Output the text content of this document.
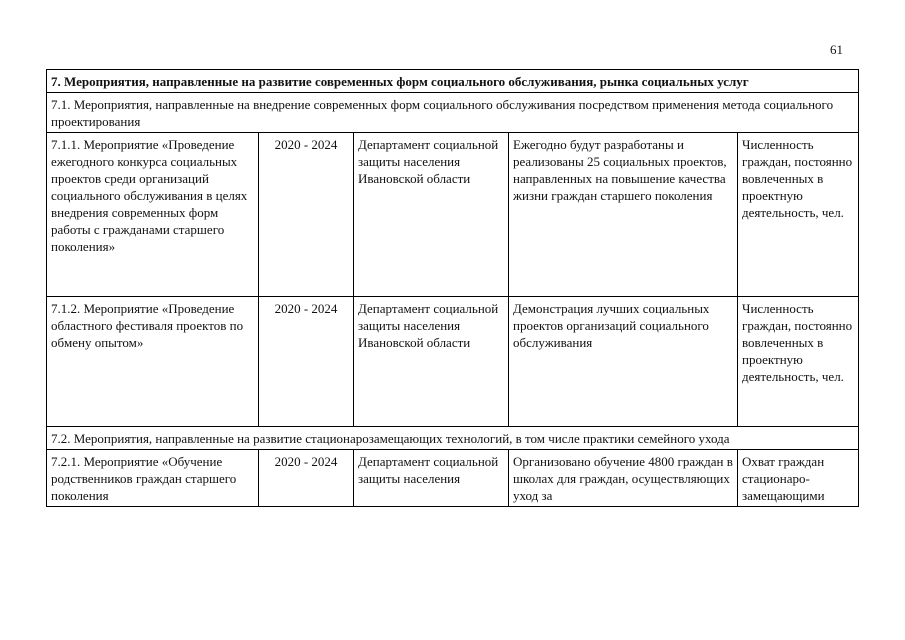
61
7. Мероприятия, направленные на развитие современных форм социального обслуживания, рынка социальных услуг				
7.1. Мероприятия, направленные на внедрение современных форм социального обслуживания посредством применения метода социального проектирования				
7.1.1. Мероприятие «Проведение ежегодного конкурса социальных проектов среди организаций социального обслуживания в целях внедрения современных форм работы с гражданами старшего поколения»	2020 - 2024	Департамент социальной защиты населения Ивановской области	Ежегодно будут разработаны и реализованы 25 социальных проектов, направленных на повышение качества жизни граждан старшего поколения	Численность граждан, постоянно вовлеченных в проектную деятельность, чел.
7.1.2. Мероприятие «Проведение областного фестиваля проектов по обмену опытом»	2020 - 2024	Департамент социальной защиты населения Ивановской области	Демонстрация лучших социальных проектов организаций социального обслуживания	Численность граждан, постоянно вовлеченных в проектную деятельность, чел.
7.2. Мероприятия, направленные на развитие стационарозамещающих технологий, в том числе практики семейного ухода				
7.2.1. Мероприятие «Обучение родственников граждан старшего поколения	2020 - 2024	Департамент социальной защиты населения	Организовано обучение 4800 граждан в школах для граждан, осуществляющих уход за	Охват граждан стационаро-замещающими
